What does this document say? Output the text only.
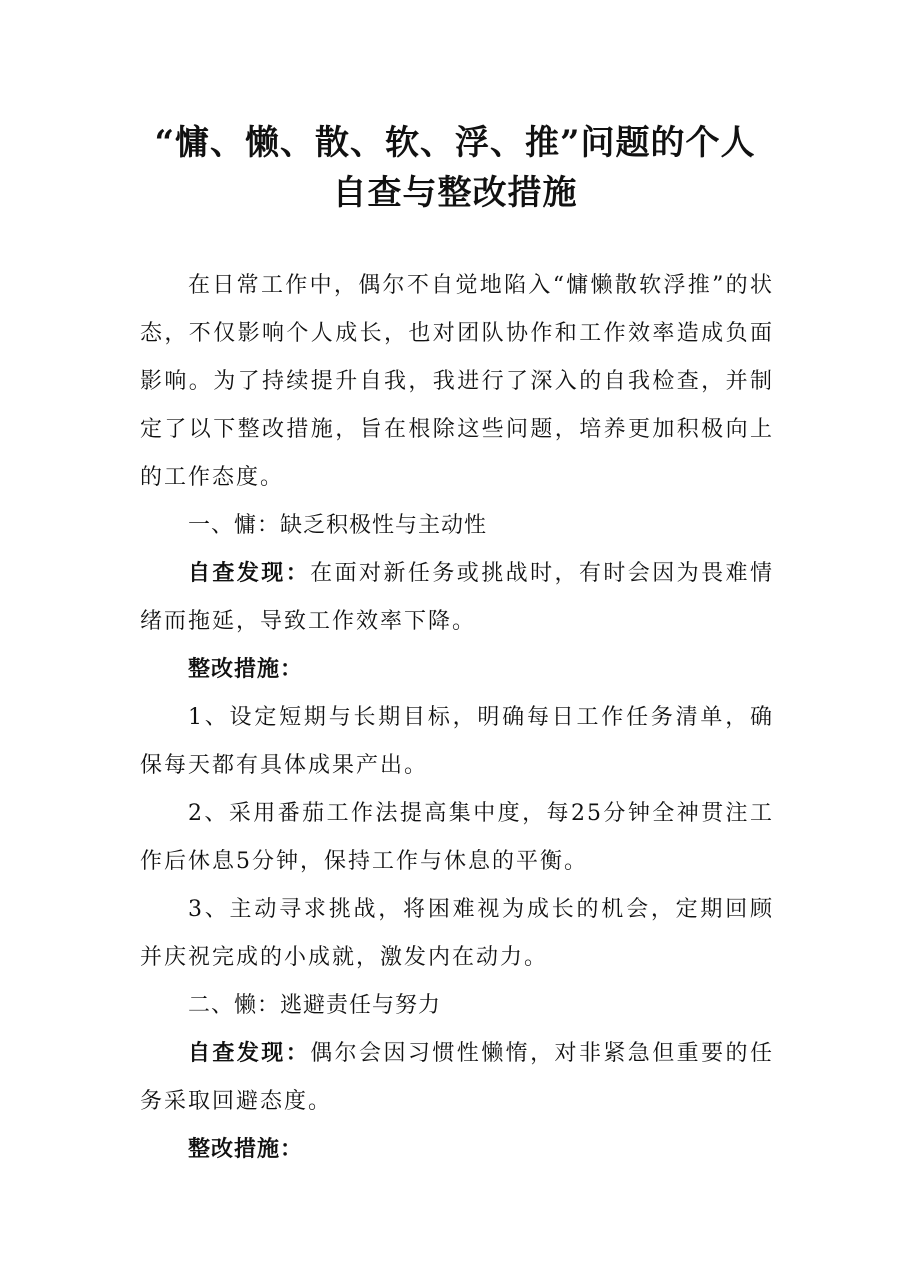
“慵、懒、散、软、浮、推”问题的个人
自查与整改措施

在日常工作中，偶尔不自觉地陷入“慵懒散软浮推”的状态，不仅影响个人成长，也对团队协作和工作效率造成负面影响。为了持续提升自我，我进行了深入的自我检查，并制定了以下整改措施，旨在根除这些问题，培养更加积极向上的工作态度。

一、慵：缺乏积极性与主动性

自查发现：在面对新任务或挑战时，有时会因为畏难情绪而拖延，导致工作效率下降。

整改措施：

1、设定短期与长期目标，明确每日工作任务清单，确保每天都有具体成果产出。

2、采用番茄工作法提高集中度，每25分钟全神贯注工作后休息5分钟，保持工作与休息的平衡。

3、主动寻求挑战，将困难视为成长的机会，定期回顾并庆祝完成的小成就，激发内在动力。

二、懒：逃避责任与努力

自查发现：偶尔会因习惯性懒惰，对非紧急但重要的任务采取回避态度。

整改措施：
